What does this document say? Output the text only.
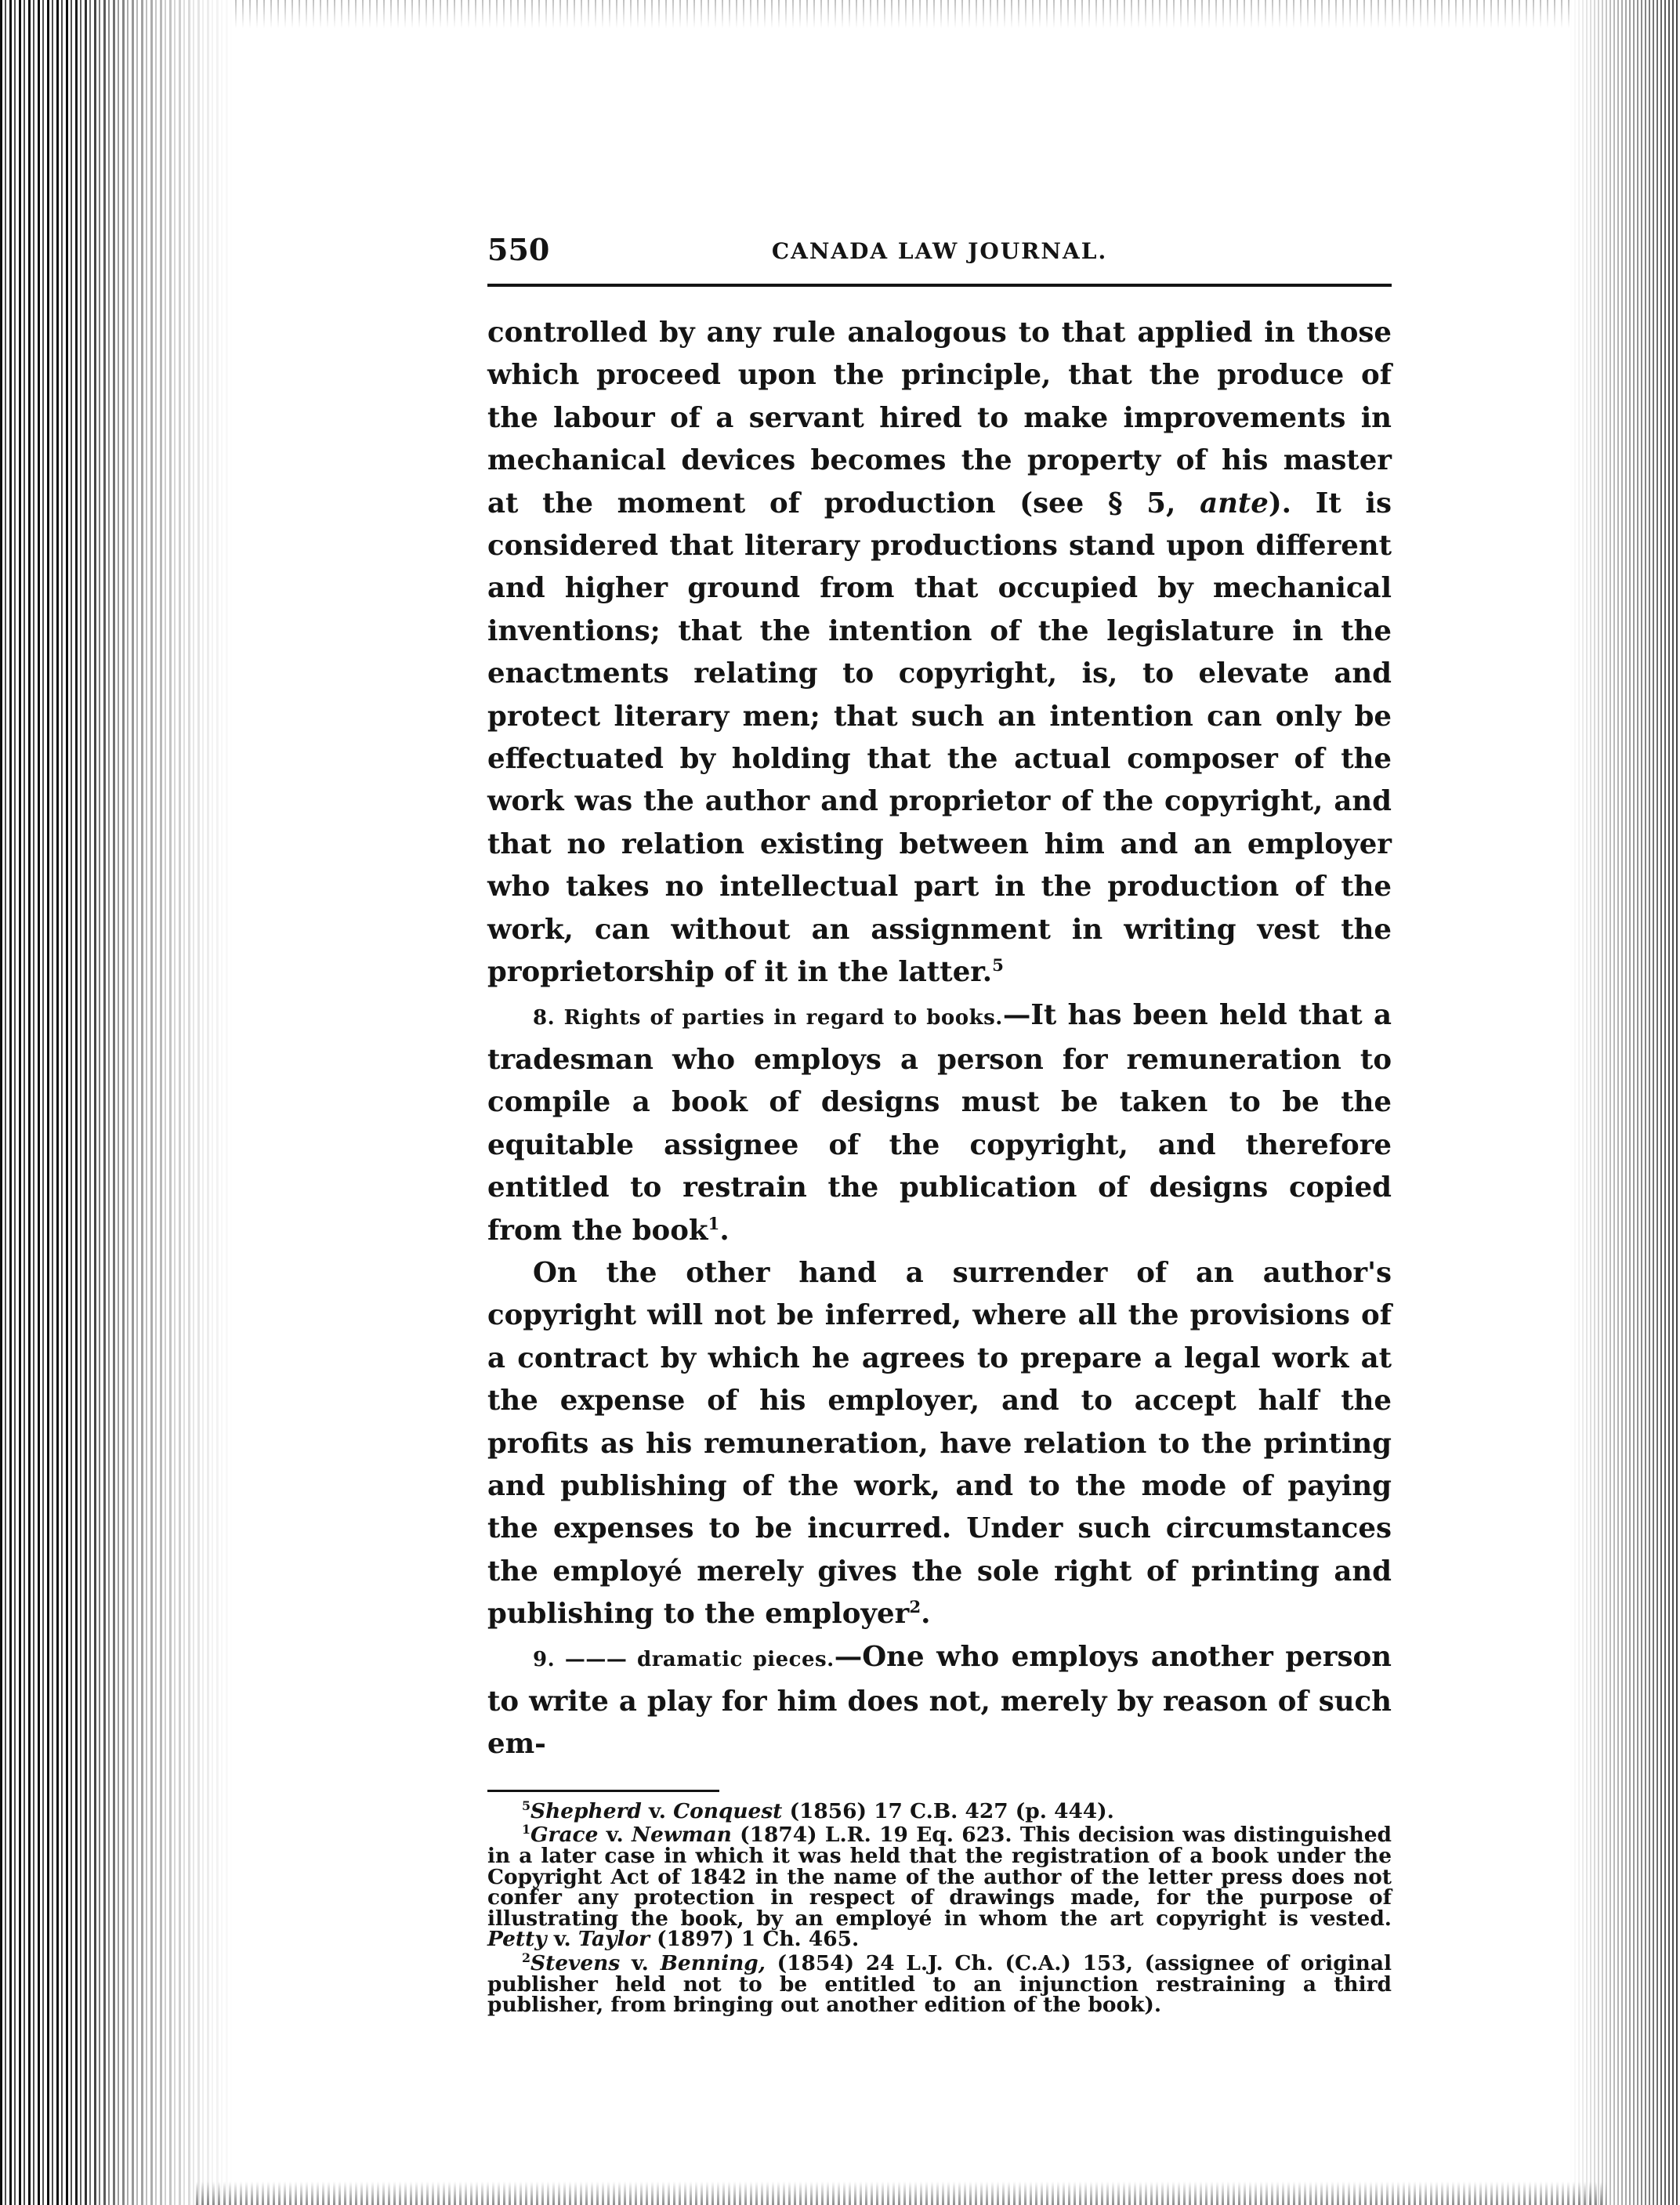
550	CANADA LAW JOURNAL.

controlled by any rule analogous to that applied in those which proceed upon the principle, that the produce of the labour of a servant hired to make improvements in mechanical devices becomes the property of his master at the moment of production (see § 5, ante). It is considered that literary productions stand upon different and higher ground from that occupied by mechanical inventions; that the intention of the legislature in the enactments relating to copyright, is, to elevate and protect literary men; that such an intention can only be effectuated by holding that the actual composer of the work was the author and proprietor of the copyright, and that no relation existing between him and an employer who takes no intellectual part in the production of the work, can without an assignment in writing vest the proprietorship of it in the latter.$^5$

8. Rights of parties in regard to books.—It has been held that a tradesman who employs a person for remuneration to compile a book of designs must be taken to be the equitable assignee of the copyright, and therefore entitled to restrain the publication of designs copied from the book$^1$.

On the other hand a surrender of an author's copyright will not be inferred, where all the provisions of a contract by which he agrees to prepare a legal work at the expense of his employer, and to accept half the profits as his remuneration, have relation to the printing and publishing of the work, and to the mode of paying the expenses to be incurred. Under such circumstances the employé merely gives the sole right of printing and publishing to the employer$^2$.

9. ——— dramatic pieces.—One who employs another person to write a play for him does not, merely by reason of such em-

$^5$Shepherd v. Conquest (1856) 17 C.B. 427 (p. 444).

$^1$Grace v. Newman (1874) L.R. 19 Eq. 623. This decision was distinguished in a later case in which it was held that the registration of a book under the Copyright Act of 1842 in the name of the author of the letter press does not confer any protection in respect of drawings made, for the purpose of illustrating the book, by an employé in whom the art copyright is vested. Petty v. Taylor (1897) 1 Ch. 465.

$^2$Stevens v. Benning, (1854) 24 L.J. Ch. (C.A.) 153, (assignee of original publisher held not to be entitled to an injunction restraining a third publisher, from bringing out another edition of the book).
